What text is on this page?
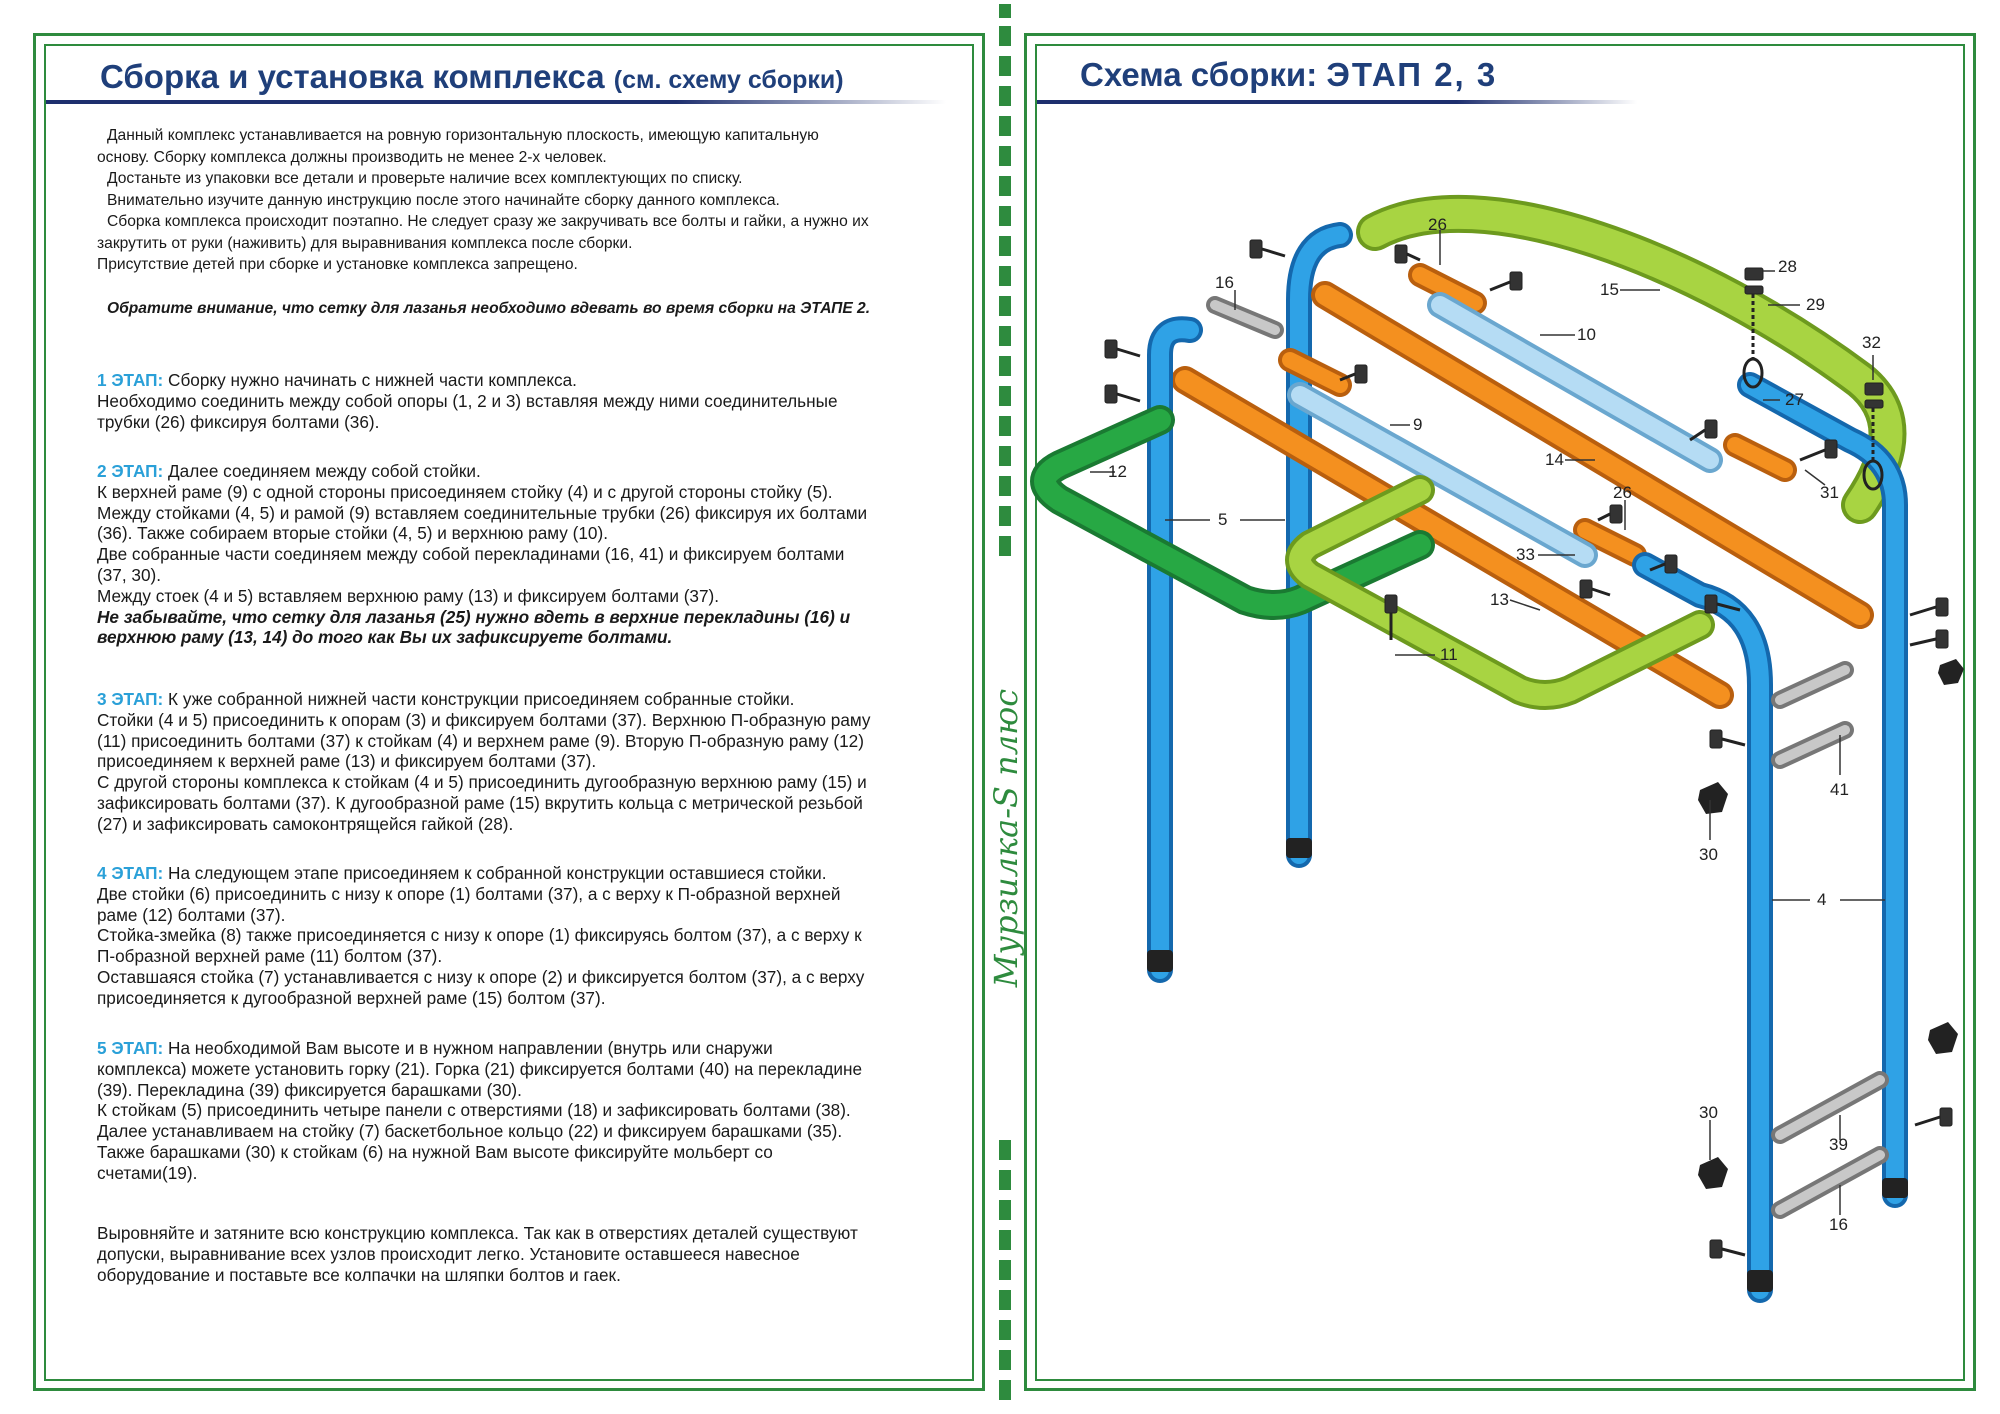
Мурзилка-S плюс
Сборка и установка комплекса (см. схему сборки)

Данный комплекс устанавливается на ровную горизонтальную плоскость, имеющую капитальную

основу. Сборку комплекса должны производить не менее 2-х человек.

Достаньте из упаковки все детали и проверьте наличие всех комплектующих по списку.

Внимательно изучите данную инструкцию после этого начинайте сборку данного комплекса.

Сборка комплекса происходит поэтапно. Не следует сразу же закручивать все болты и гайки, а нужно их

закрутить от руки (наживить) для выравнивания комплекса после сборки.

Присутствие детей при сборке и установке комплекса запрещено.

Обратите внимание, что сетку для лазанья необходимо вдевать во время сборки на ЭТАПЕ 2.

1 ЭТАП: Сборку нужно начинать с нижней части комплекса.

Необходимо соединить между собой опоры (1, 2 и 3) вставляя между ними соединительные

трубки (26) фиксируя болтами (36).

2 ЭТАП: Далее соединяем между собой стойки.

К верхней раме (9) с одной стороны присоединяем стойку (4) и с другой стороны стойку (5).

Между стойками (4, 5) и рамой (9) вставляем соединительные трубки (26) фиксируя их болтами

(36). Также собираем вторые стойки (4, 5) и верхнюю раму (10).

Две собранные части соединяем между собой перекладинами (16, 41) и фиксируем болтами

(37, 30).

Между стоек (4 и 5) вставляем верхнюю раму (13) и фиксируем болтами (37).

Не забывайте, что сетку для лазанья (25) нужно вдеть в верхние перекладины (16) и

верхнюю раму (13, 14) до того как Вы их зафиксируете болтами.

3 ЭТАП: К уже собранной нижней части конструкции присоединяем собранные стойки.

Стойки (4 и 5) присоединить к опорам (3) и фиксируем болтами (37). Верхнюю П-образную раму

(11) присоединить болтами (37) к стойкам (4) и верхнем раме (9). Вторую П-образную раму (12)

присоединяем к верхней раме (13) и фиксируем болтами (37).

С другой стороны комплекса к стойкам (4 и 5) присоединить дугообразную верхнюю раму (15) и

зафиксировать болтами (37). К дугообразной раме (15) вкрутить кольца с метрической резьбой

(27) и зафиксировать самоконтрящейся гайкой (28).

4 ЭТАП: На следующем этапе присоединяем к собранной конструкции оставшиеся стойки.

Две стойки (6) присоединить с низу к опоре (1) болтами (37), а с верху к П-образной верхней

раме (12) болтами (37).

Стойка-змейка (8) также присоединяется с низу к опоре (1) фиксируясь болтом (37), а с верху к

П-образной верхней раме (11) болтом (37).

Оставшаяся стойка (7) устанавливается с низу к опоре (2) и фиксируется болтом (37), а с верху

присоединяется к дугообразной верхней раме (15) болтом (37).

5 ЭТАП: На необходимой Вам высоте и в нужном направлении (внутрь или снаружи

комплекса) можете установить горку (21). Горка (21) фиксируется болтами (40) на перекладине

(39). Перекладина (39) фиксируется барашками (30).

К стойкам (5) присоединить четыре панели с отверстиями (18) и зафиксировать болтами (38).

Далее устанавливаем на стойку (7) баскетбольное кольцо (22) и фиксируем барашками (35).

Также барашками (30) к стойкам (6) на нужной Вам высоте фиксируйте мольберт со

счетами(19).

Выровняйте и затяните всю конструкцию комплекса. Так как в отверстиях деталей существуют

допуски, выравнивание всех узлов происходит легко. Установите оставшееся навесное

оборудование и поставьте все колпачки на шляпки болтов и гаек.

Схема сборки: ЭТАП 2, 3
26
16
28
29
15
10	32
27
9
14
12
31
26
5
33
13
11
41
30
4
30
39
16
